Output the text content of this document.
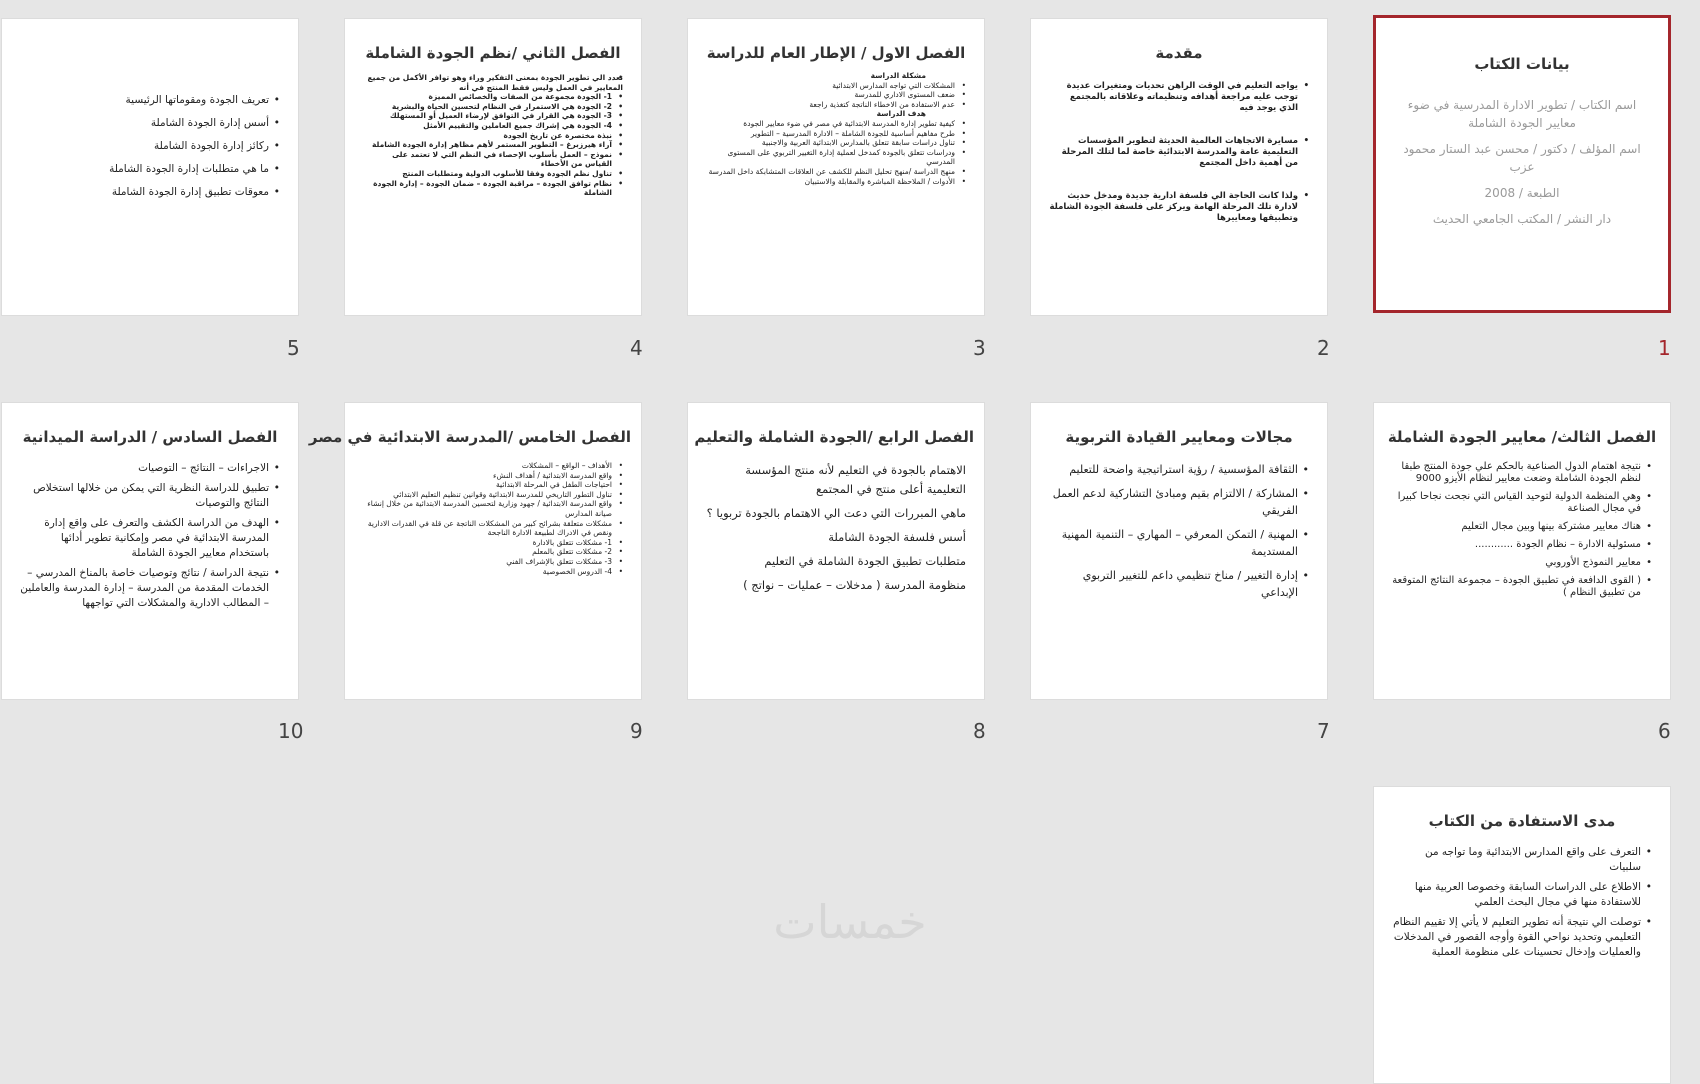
بيانات الكتاب
اسم الكتاب / تطوير الادارة المدرسية في ضوء معايير الجودة الشاملة
اسم المؤلف / دكتور / محسن عبد الستار محمود عزب
الطبعة / 2008
دار النشر / المكتب الجامعي الحديث
1
مقدمة
• يواجه التعليم في الوقت الراهن تحديات ومتغيرات عديدة توجب عليه مراجعة أهدافه وتنظيماته وعلاقاته بالمجتمع الذي يوجد فيه
• مسايرة الاتجاهات العالمية الحديثة لتطوير المؤسسات التعليمية عامة والمدرسة الابتدائية خاصة لما لتلك المرحلة من أهمية داخل المجتمع
• ولذا كانت الحاجة الي فلسفة ادارية جديدة ومدخل حديث لادارة تلك المرحلة الهامة ويركز على فلسفة الجودة الشاملة وتطبيقها ومعاييرها
2
الفصل الاول / الإطار العام للدراسة
مشكلة الدراسة
• المشكلات التي تواجه المدارس الابتدائية
• ضعف المستوى الاداري للمدرسة
• عدم الاستفادة من الاخطاء الناتجة كتغذية راجعة
هدف الدراسة
• كيفية تطوير إدارة المدرسة الابتدائية في مصر في ضوء معايير الجودة
• طرح مفاهيم أساسية للجودة الشاملة – الادارة المدرسية – التطوير
• تناول دراسات سابقة تتعلق بالمدارس الابتدائية العربية والاجنبية
• ودراسات تتعلق بالجودة كمدخل لعملية إدارة التغيير التربوي على المستوى المدرسي
• منهج الدراسة /منهج تحليل النظم للكشف عن العلاقات المتشابكة داخل المدرسة
• الأدوات / الملاحظة المباشرة والمقابلة والاستبيان
3
الفصل الثاني /نظم الجودة الشاملة
• تعدد الي تطوير الجودة بمعنى التفكير وراء وهو توافر الأكمل من جميع المعايير في العمل وليس فقط المنتج في أنه
• 1- الجودة مجموعة من الصفات والخصائص المميزة
• 2- الجودة هي الاستمرار في النظام لتحسين الحياة والبشرية
• 3- الجودة هي القرار في التوافق لإرضاء العميل أو المستهلك
• 4- الجودة هي إشراك جميع العاملين والتقييم الأمثل
• نبذة مختصرة عن تاريخ الجودة
• آراء هيرزبرغ – التطوير المستمر لأهم مظاهر إدارة الجودة الشاملة
• نموذج – العمل بأسلوب الإحصاء في النظم التي لا تعتمد على القياس من الأخطاء
• تناول نظم الجودة وفقا للأسلوب الدولية ومتطلبات المنتج
• نظام توافق الجودة – مراقبة الجودة – ضمان الجودة – إدارة الجودة الشاملة
4
• تعريف الجودة ومقوماتها الرئيسية
• أسس إدارة الجودة الشاملة
• ركائز إدارة الجودة الشاملة
• ما هي متطلبات إدارة الجودة الشاملة
• معوقات تطبيق إدارة الجودة الشاملة
5
الفصل الثالث/ معايير الجودة الشاملة
• نتيجة اهتمام الدول الصناعية بالحكم علي جودة المنتج طبقا لنظم الجودة الشاملة وضعت معايير لنظام الأيزو 9000
• وهي المنظمة الدولية لتوحيد القياس التي نجحت نجاحا كبيرا في مجال الصناعة
• هناك معايير مشتركة بينها وبين مجال التعليم
• مسئولية الادارة – نظام الجودة ............
• معايير النموذج الأوروبي
• ( القوى الدافعة في تطبيق الجودة – مجموعة النتائج المتوقعة من تطبيق النظام )
6
مجالات ومعايير القيادة التربوية
• الثقافة المؤسسية / رؤية استراتيجية واضحة للتعليم
• المشاركة / الالتزام بقيم ومبادئ التشاركية لدعم العمل الفريقي
• المهنية / التمكن المعرفي – المهاري – التنمية المهنية المستديمة
• إدارة التغيير / مناخ تنظيمي داعم للتغيير التربوي الإبداعي
7
الفصل الرابع /الجودة الشاملة والتعليم
الاهتمام بالجودة في التعليم لأنه منتج المؤسسة التعليمية أعلى منتج في المجتمع
ماهي المبررات التي دعت الي الاهتمام بالجودة تربويا ؟
أسس فلسفة الجودة الشاملة
متطلبات تطبيق الجودة الشاملة في التعليم
منظومة المدرسة ( مدخلات – عمليات – نواتج )
8
الفصل الخامس /المدرسة الابتدائية في مصر
• الأهداف – الواقع – المشكلات
• واقع المدرسة الابتدائية / أهداف النشء
• احتياجات الطفل في المرحلة الابتدائية
• تناول التطور التاريخي للمدرسة الابتدائية وقوانين تنظيم التعليم الابتدائي
• واقع المدرسة الابتدائية / جهود وزارية لتحسين المدرسة الابتدائية من خلال إنشاء صيانة المدارس
• مشكلات متعلقة بشرائح كبير من المشكلات الناتجة عن قلة في القدرات الادارية ونقص في الادراك لطبيعة الادارة الناجحة
• 1- مشكلات تتعلق بالادارة
• 2- مشكلات تتعلق بالمعلم
• 3- مشكلات تتعلق بالإشراف الفني
• 4- الدروس الخصوصية
9
الفصل السادس / الدراسة الميدانية
• الاجراءات – النتائج – التوصيات
• تطبيق للدراسة النظرية التي يمكن من خلالها استخلاص النتائج والتوصيات
• الهدف من الدراسة الكشف والتعرف على واقع إدارة المدرسة الابتدائية في مصر وإمكانية تطوير أدائها باستخدام معايير الجودة الشاملة
• نتيجة الدراسة / نتائج وتوصيات خاصة بالمناخ المدرسي – الخدمات المقدمة من المدرسة – إدارة المدرسة والعاملين – المطالب الادارية والمشكلات التي تواجهها
10
مدى الاستفادة من الكتاب
• التعرف على واقع المدارس الابتدائية وما تواجه من سلبيات
• الاطلاع على الدراسات السابقة وخصوصا العربية منها للاستفادة منها في مجال البحث العلمي
• توصلت الي نتيجة أنه تطوير التعليم لا يأتي إلا تقييم النظام التعليمي وتحديد نواحي القوة وأوجه القصور في المدخلات والعمليات وإدخال تحسينات على منظومة العملية
خمسات
